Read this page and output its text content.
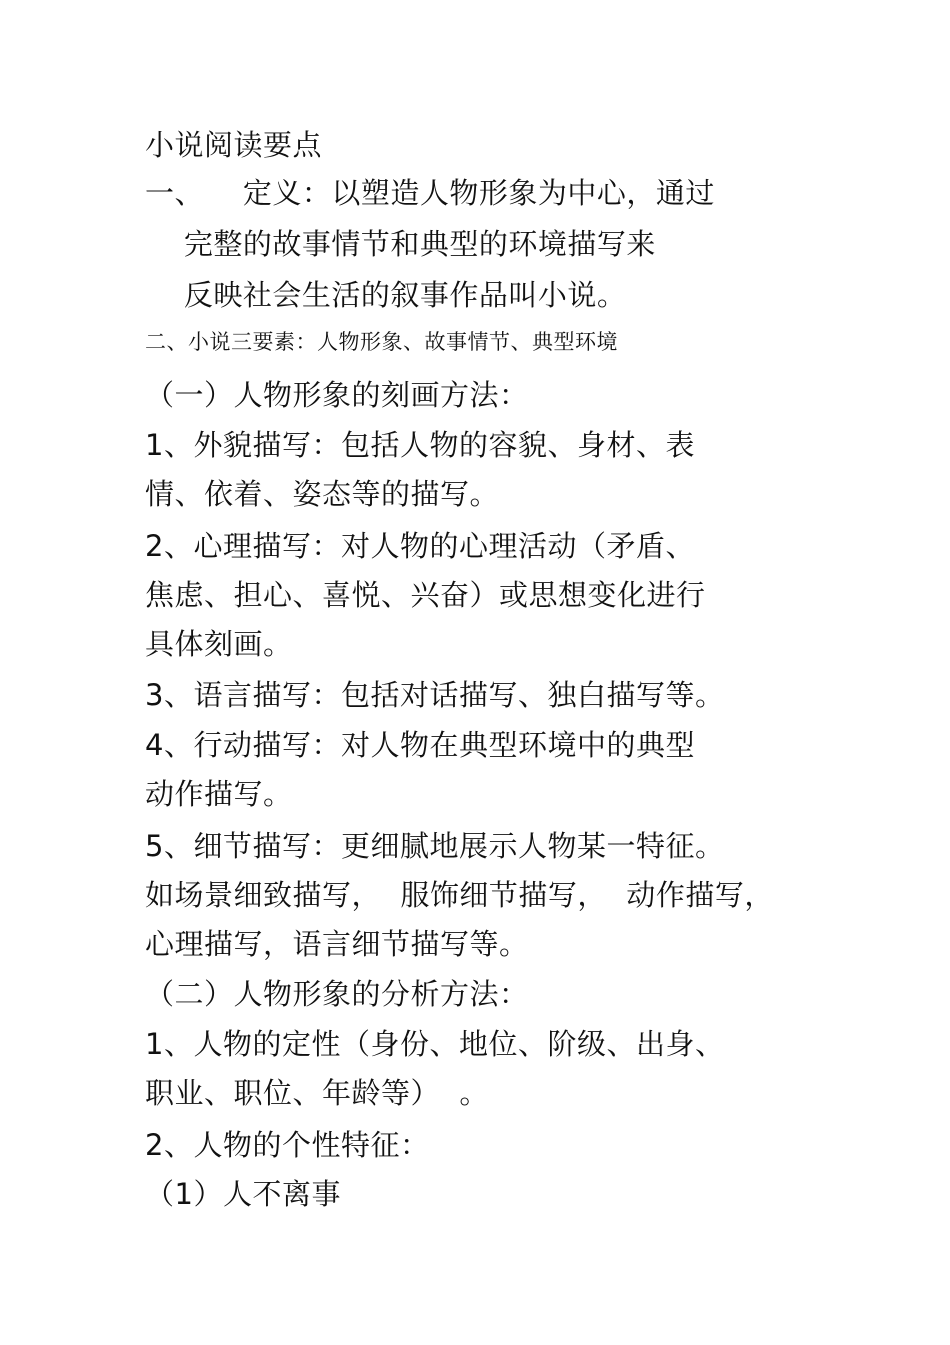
小说阅读要点
一、    定义：以塑造人物形象为中心，通过
完整的故事情节和典型的环境描写来
反映社会生活的叙事作品叫小说。
二、小说三要素：人物形象、故事情节、典型环境
（一）人物形象的刻画方法：
1、外貌描写：包括人物的容貌、身材、表
情、依着、姿态等的描写。
2、心理描写：对人物的心理活动（矛盾、
焦虑、担心、喜悦、兴奋）或思想变化进行
具体刻画。
3、语言描写：包括对话描写、独白描写等。
4、行动描写：对人物在典型环境中的典型
动作描写。
5、细节描写：更细腻地展示人物某一特征。
如场景细致描写，  服饰细节描写，  动作描写，
心理描写，语言细节描写等。
（二）人物形象的分析方法：
1、人物的定性（身份、地位、阶级、出身、
职业、职位、年龄等）  。
2、人物的个性特征：
（1）人不离事
